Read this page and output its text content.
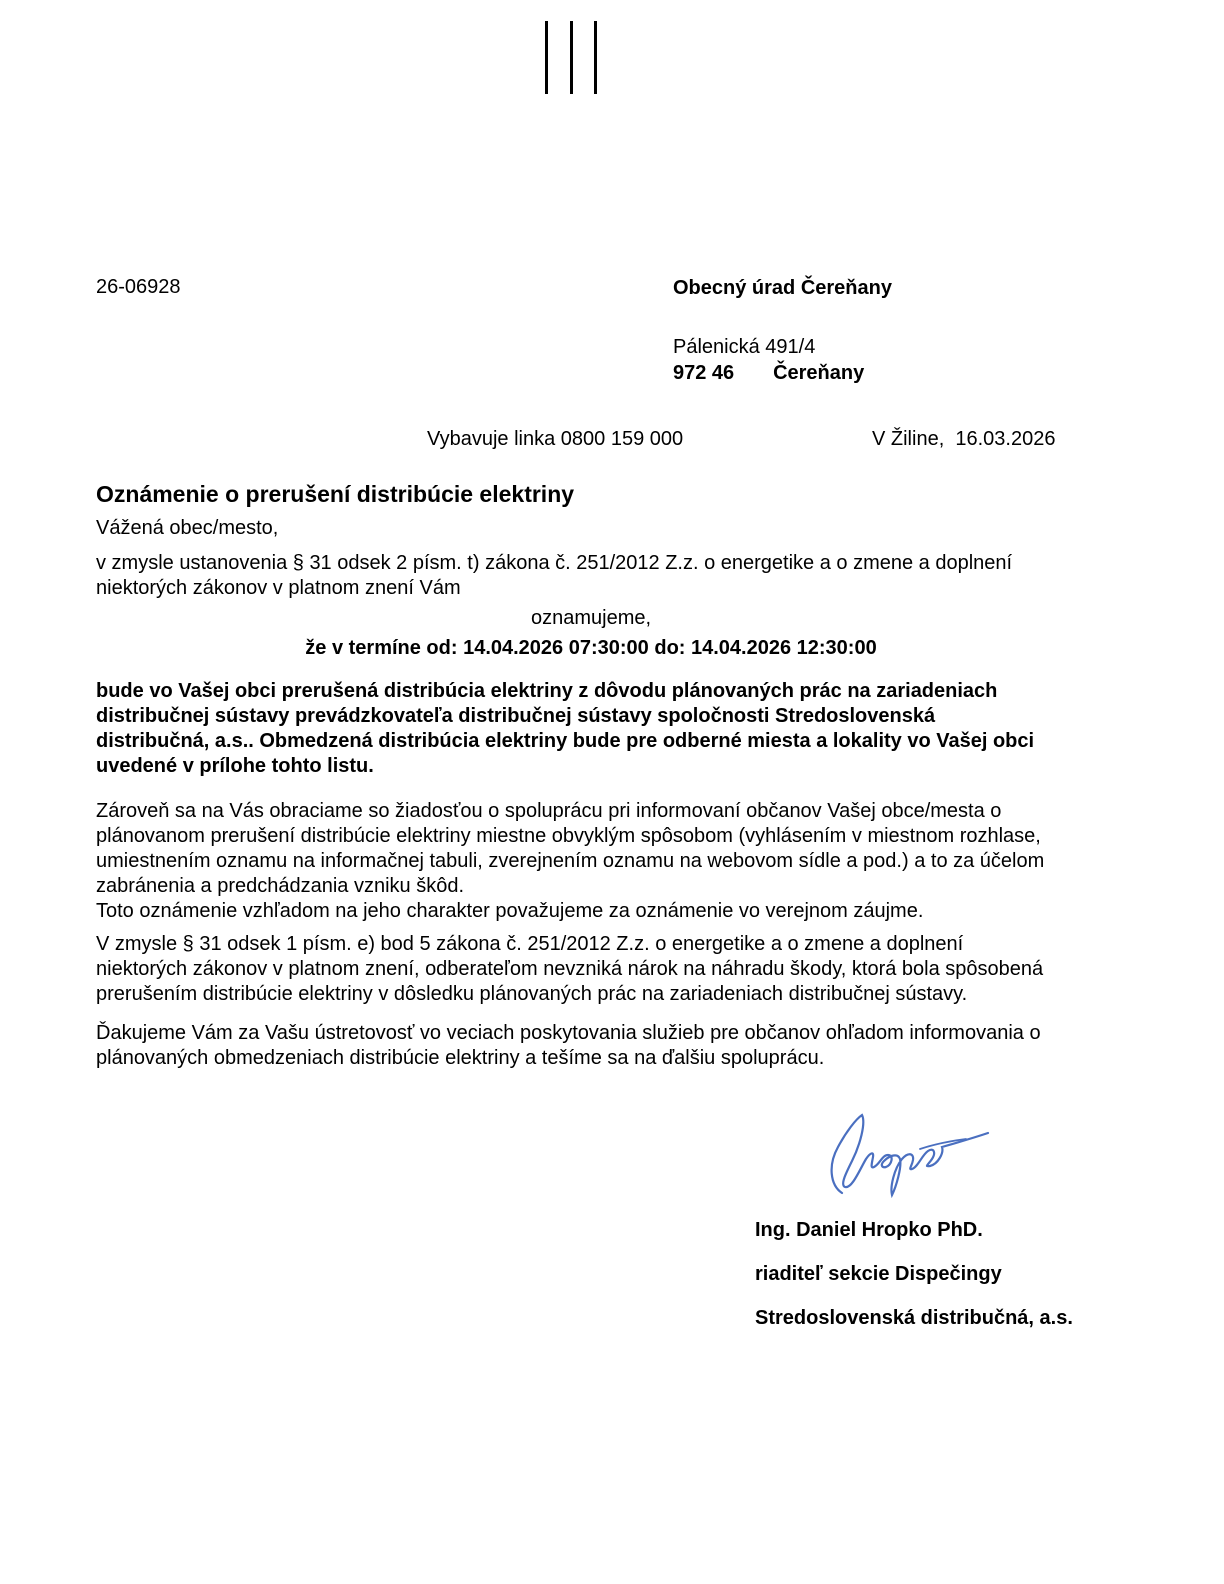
26-06928	Obecný úrad Čereňany
Pálenická 491/4
972 46       Čereňany
Vybavuje linka 0800 159 000	V Žiline,  16.03.2026
Oznámenie o prerušení distribúcie elektriny
Vážená obec/mesto,
v zmysle ustanovenia § 31 odsek 2 písm. t) zákona č. 251/2012 Z.z. o energetike a o zmene a doplnení
niektorých zákonov v platnom znení Vám
oznamujeme,
že v termíne od: 14.04.2026 07:30:00 do: 14.04.2026 12:30:00
bude vo Vašej obci prerušená distribúcia elektriny z dôvodu plánovaných prác na zariadeniach
distribučnej sústavy prevádzkovateľa distribučnej sústavy spoločnosti Stredoslovenská
distribučná, a.s.. Obmedzená distribúcia elektriny bude pre odberné miesta a lokality vo Vašej obci
uvedené v prílohe tohto listu.
Zároveň sa na Vás obraciame so žiadosťou o spoluprácu pri informovaní občanov Vašej obce/mesta o
plánovanom prerušení distribúcie elektriny miestne obvyklým spôsobom (vyhlásením v miestnom rozhlase,
umiestnením oznamu na informačnej tabuli, zverejnením oznamu na webovom sídle a pod.) a to za účelom
zabránenia a predchádzania vzniku škôd.
Toto oznámenie vzhľadom na jeho charakter považujeme za oznámenie vo verejnom záujme.
V zmysle § 31 odsek 1 písm. e) bod 5 zákona č. 251/2012 Z.z. o energetike a o zmene a doplnení
niektorých zákonov v platnom znení, odberateľom nevzniká nárok na náhradu škody, ktorá bola spôsobená
prerušením distribúcie elektriny v dôsledku plánovaných prác na zariadeniach distribučnej sústavy.
Ďakujeme Vám za Vašu ústretovosť vo veciach poskytovania služieb pre občanov ohľadom informovania o
plánovaných obmedzeniach distribúcie elektriny a tešíme sa na ďalšiu spoluprácu.

Ing. Daniel Hropko PhD.

riaditeľ sekcie Dispečingy

Stredoslovenská distribučná, a.s.
